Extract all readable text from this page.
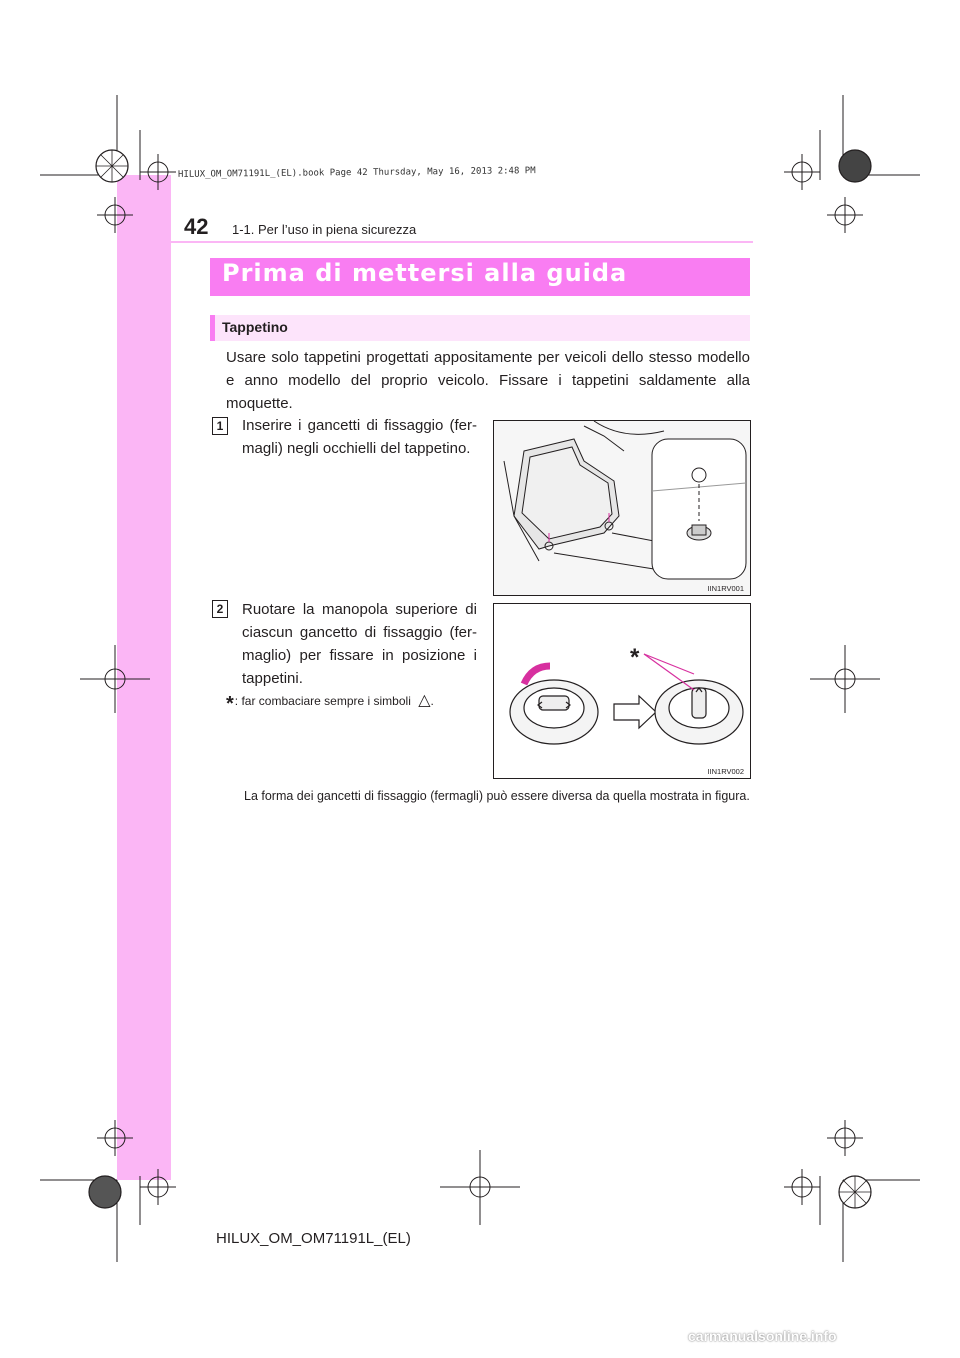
HILUX_OM_OM71191L_(EL).book Page 42 Thursday, May 16, 2013 2:48 PM
42 1-1. Per l’uso in piena sicurezza
Prima di mettersi alla guida
Tappetino
Usare solo tappetini progettati appositamente per veicoli dello stesso modello e anno modello del proprio veicolo. Fissare i tappetini saldamente alla moquette.
1	Inserire i gancetti di fissaggio (fer-magli) negli occhielli del tappetino.
IIN1RV001
2	Ruotare la manopola superiore di ciascun gancetto di fissaggio (fer-maglio) per fissare in posizione i tappetini.
*: far combaciare sempre i simboli △.
*
IIN1RV002
La forma dei gancetti di fissaggio (fermagli) può essere diversa da quella mostrata in figura.
HILUX_OM_OM71191L_(EL)
carmanualsonline.info
